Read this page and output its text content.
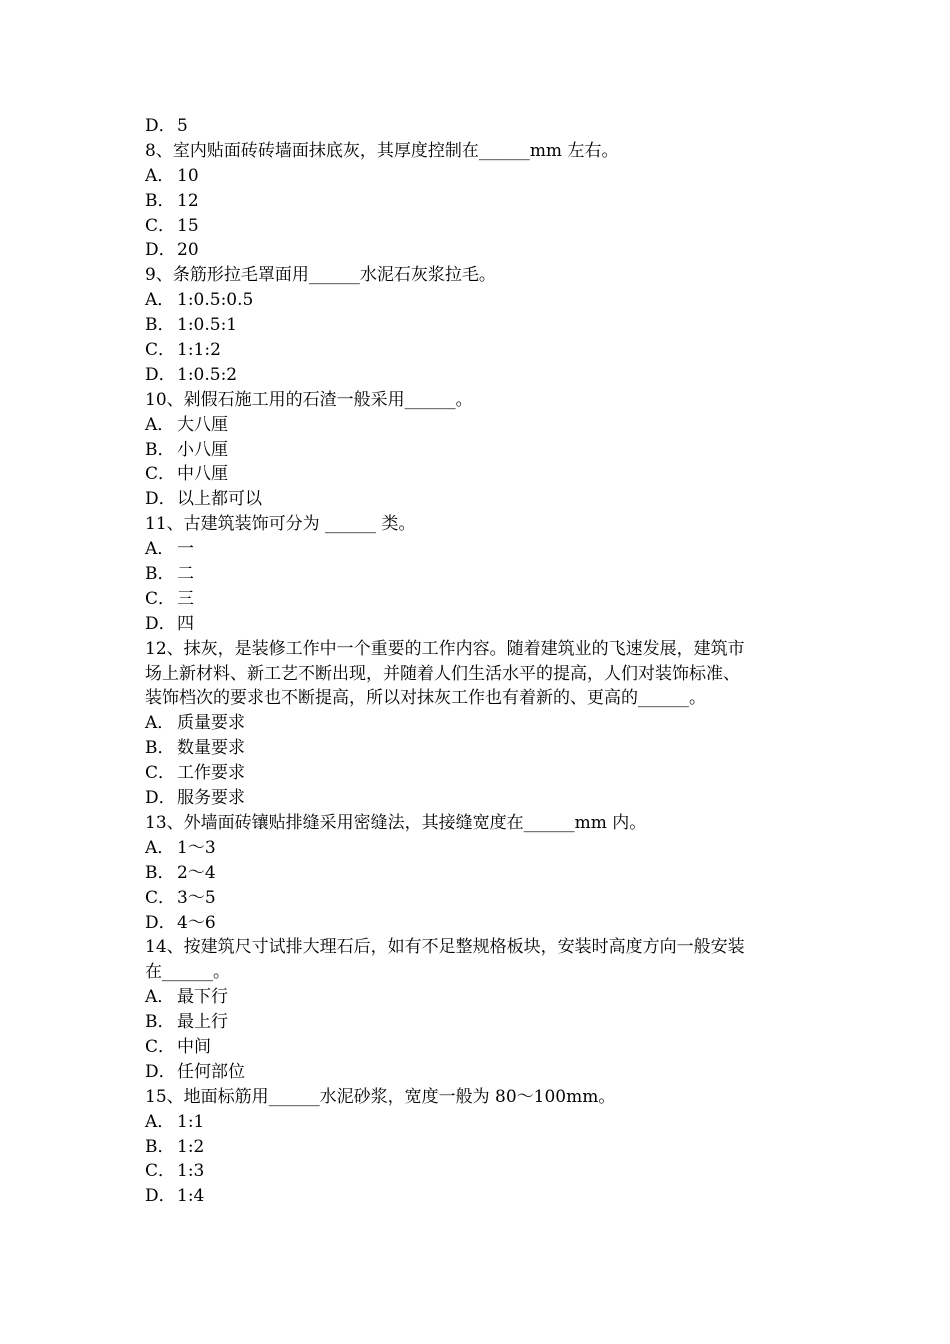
D．5
8、室内贴面砖砖墙面抹底灰，其厚度控制在______mm 左右。
A． 10
B． 12
C． 15
D．20
9、条筋形拉毛罩面用______水泥石灰浆拉毛。
A． 1:0.5:0.5
B． 1:0.5:1
C． 1:1:2
D．1:0.5:2
10、剁假石施工用的石渣一般采用______。
A． 大八厘
B． 小八厘
C． 中八厘
D．以上都可以
11、古建筑装饰可分为 ______ 类。
A． 一
B． 二
C． 三
D．四
12、抹灰，是装修工作中一个重要的工作内容。随着建筑业的飞速发展，建筑市
场上新材料、新工艺不断出现，并随着人们生活水平的提高，人们对装饰标准、
装饰档次的要求也不断提高，所以对抹灰工作也有着新的、更高的______。
A． 质量要求
B． 数量要求
C． 工作要求
D．服务要求
13、外墙面砖镶贴排缝采用密缝法，其接缝宽度在______mm 内。
A． 1～3
B． 2～4
C． 3～5
D．4～6
14、按建筑尺寸试排大理石后，如有不足整规格板块，安装时高度方向一般安装
在______。
A． 最下行
B． 最上行
C． 中间
D．任何部位
15、地面标筋用______水泥砂浆，宽度一般为 80～100mm。
A． 1:1
B． 1:2
C． 1:3
D．1:4
